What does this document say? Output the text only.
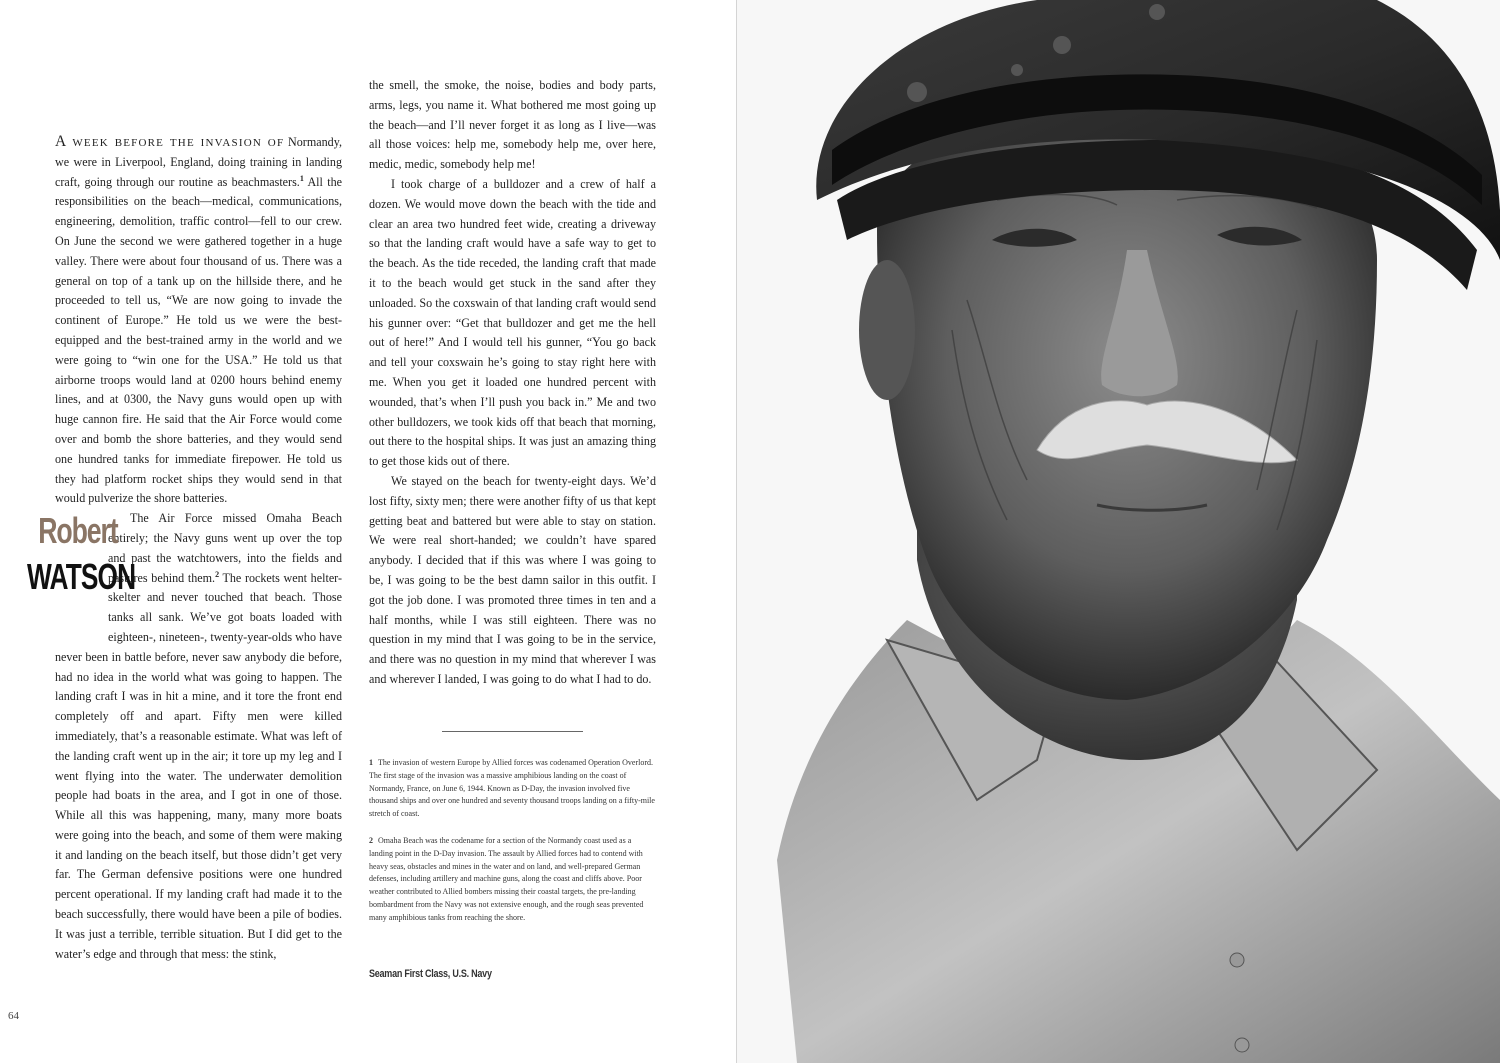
A week before the invasion of Normandy, we were in Liverpool, England, doing training in landing craft, going through our routine as beachmasters.$^1$ All the responsibilities on the beach—medical, communications, engineering, demolition, traffic control—fell to our crew. On June the second we were gathered together in a huge valley. There were about four thousand of us. There was a general on top of a tank up on the hillside there, and he proceeded to tell us, “We are now going to invade the continent of Europe.” He told us we were the best-equipped and the best-trained army in the world and we were going to “win one for the USA.” He told us that airborne troops would land at 0200 hours behind enemy lines, and at 0300, the Navy guns would open up with huge cannon fire. He said that the Air Force would come over and bomb the shore batteries, and they would send one hundred tanks for immediate firepower. He told us they had platform rocket ships they would send in that would pulverize the shore batteries.

Robert
WATSON
The Air Force missed Omaha Beach entirely; the Navy guns went up over the top and past the watchtowers, into the fields and pastures behind them.$^2$ The rockets went helter-skelter and never touched that beach. Those tanks all sank. We’ve got boats loaded with eighteen-, nineteen-, twenty-year-olds who have never been in battle before, never saw anybody die before, had no idea in the world what was going to happen. The landing craft I was in hit a mine, and it tore the front end completely off and apart. Fifty men were killed immediately, that’s a reasonable estimate. What was left of the landing craft went up in the air; it tore up my leg and I went flying into the water. The underwater demolition people had boats in the area, and I got in one of those. While all this was happening, many, many more boats were going into the beach, and some of them were making it and landing on the beach itself, but those didn’t get very far. The German defensive positions were one hundred percent operational. If my landing craft had made it to the beach successfully, there would have been a pile of bodies. It was just a terrible, terrible situation. But I did get to the water’s edge and through that mess: the stink,

the smell, the smoke, the noise, bodies and body parts, arms, legs, you name it. What bothered me most going up the beach—and I’ll never forget it as long as I live—was all those voices: help me, somebody help me, over here, medic, medic, somebody help me!

I took charge of a bulldozer and a crew of half a dozen. We would move down the beach with the tide and clear an area two hundred feet wide, creating a driveway so that the landing craft would have a safe way to get to the beach. As the tide receded, the landing craft that made it to the beach would get stuck in the sand after they unloaded. So the coxswain of that landing craft would send his gunner over: “Get that bulldozer and get me the hell out of here!” And I would tell his gunner, “You go back and tell your coxswain he’s going to stay right here with me. When you get it loaded one hundred percent with wounded, that’s when I’ll push you back in.” Me and two other bulldozers, we took kids off that beach that morning, out there to the hospital ships. It was just an amazing thing to get those kids out of there.

We stayed on the beach for twenty-eight days. We’d lost fifty, sixty men; there were another fifty of us that kept getting beat and battered but were able to stay on station. We were real short-handed; we couldn’t have spared anybody. I decided that if this was where I was going to be, I was going to be the best damn sailor in this outfit. I got the job done. I was promoted three times in ten and a half months, while I was still eighteen. There was no question in my mind that I was going to be in the service, and there was no question in my mind that wherever I was and wherever I landed, I was going to do what I had to do.

1 The invasion of western Europe by Allied forces was codenamed Operation Overlord. The first stage of the invasion was a massive amphibious landing on the coast of Normandy, France, on June 6, 1944. Known as D-Day, the invasion involved five thousand ships and over one hundred and seventy thousand troops landing on a fifty-mile stretch of coast.

2 Omaha Beach was the codename for a section of the Normandy coast used as a landing point in the D-Day invasion. The assault by Allied forces had to contend with heavy seas, obstacles and mines in the water and on land, and well-prepared German defenses, including artillery and machine guns, along the coast and cliffs above. Poor weather contributed to Allied bombers missing their coastal targets, the pre-landing bombardment from the Navy was not extensive enough, and the rough seas prevented many amphibious tanks from reaching the shore.

Seaman First Class, U.S. Navy
64
